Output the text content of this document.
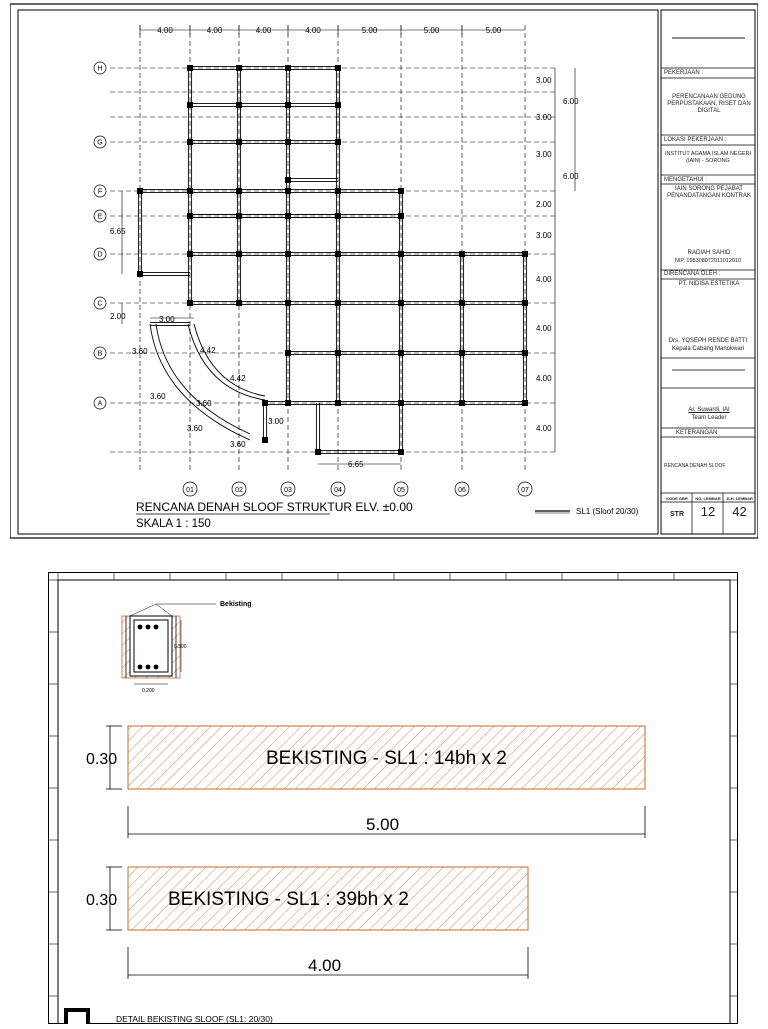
4.00	4.00	4.00	4.00	5.00	5.00	5.00
3.00
3.00
3.00
2.00
3.00
4.00
4.00
4.00
4.00
6.00
6.00
6.65
2.00	3.00
3.60	4.42
4.42
3.60
3.60
3.60
3.60
3.00
6.65
H
G
F
E
D
C
B
A
01	02	03	04	05	06	07
RENCANA DENAH SLOOF STRUKTUR ELV. ±0.00
SKALA 1 : 150
SL1 (Sloof 20/30)
PEKERJAAN :
PERENCANAAN GEDUNG PERPUSTAKAAN, RISET DAN DIGITAL
LOKASI PEKERJAAN :
INSTITUT AGAMA ISLAM NEGERI (IAIN) - SORONG
MENGETAHUI :
IAIN SORONG PEJABAT PENANDATANGAN KONTRAK
RADIAH SAHID
NIP. 198308072011012010
DIRENCANA OLEH :
PT. NIDISA ESTETIKA
Drs. YOSEPH RENDE BATTI
Kepala Cabang Manokwari
Ar. Suwardi, IAI
Team Leader
KETERANGAN
RENCANA DENAH SLOOF
KODE GBR	NO. LEMBAR	JLH. LEMBAR
STR	12	42
Bekisting
0.300
0.200
0.30	BEKISTING - SL1 : 14bh x 2
5.00
0.30	BEKISTING - SL1 : 39bh x 2
4.00
DETAIL BEKISTING SLOOF (SL1: 20/30)
